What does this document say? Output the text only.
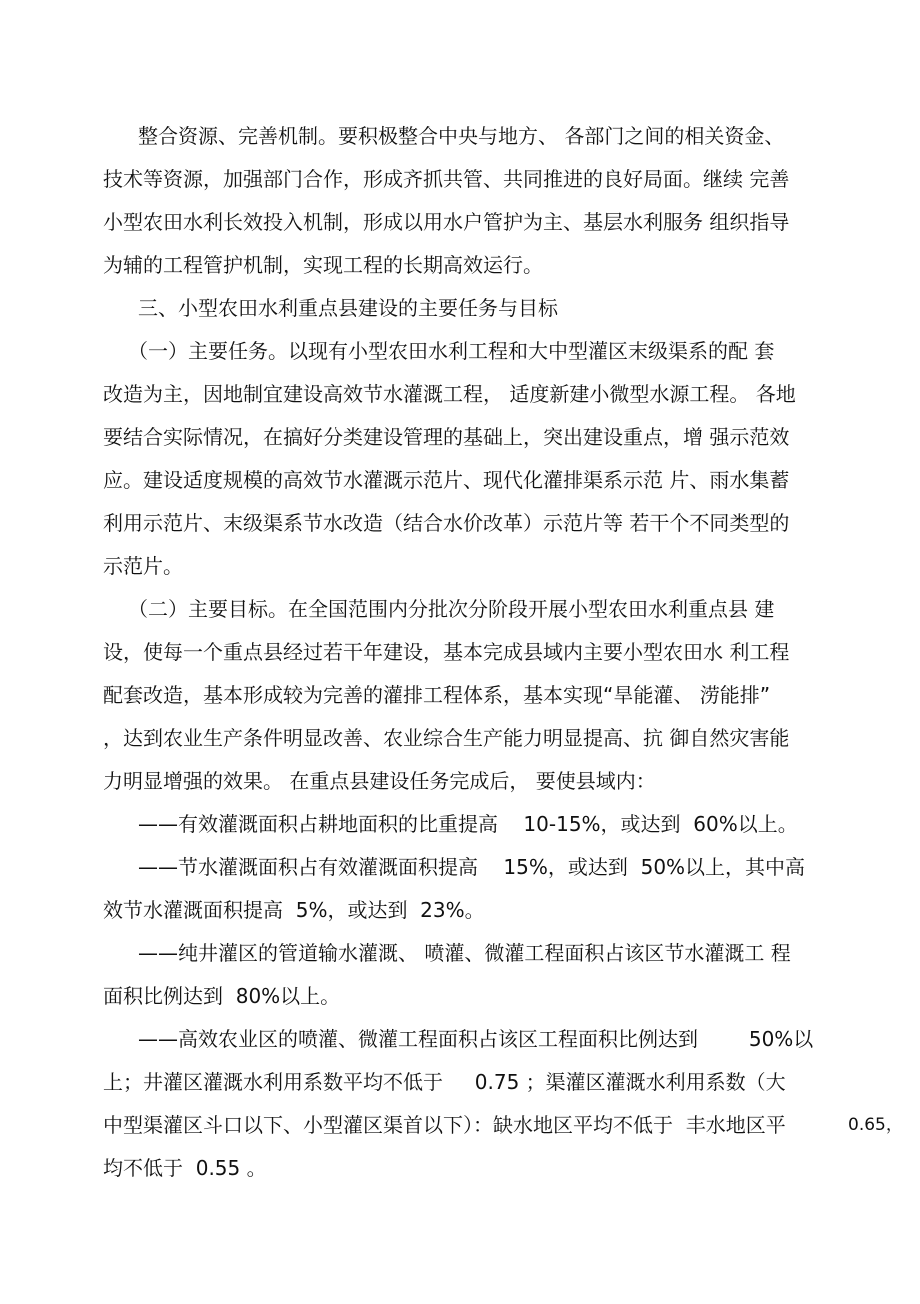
整合资源、完善机制。要积极整合中央与地方、 各部门之间的相关资金、
技术等资源，加强部门合作，形成齐抓共管、共同推进的良好局面。继续 完善
小型农田水利长效投入机制，形成以用水户管护为主、基层水利服务 组织指导
为辅的工程管护机制，实现工程的长期高效运行。
三、小型农田水利重点县建设的主要任务与目标
（一）主要任务。以现有小型农田水利工程和大中型灌区末级渠系的配 套
改造为主，因地制宜建设高效节水灌溉工程， 适度新建小微型水源工程。 各地
要结合实际情况，在搞好分类建设管理的基础上，突出建设重点，增 强示范效
应。建设适度规模的高效节水灌溉示范片、现代化灌排渠系示范 片、雨水集蓄
利用示范片、末级渠系节水改造（结合水价改革）示范片等 若干个不同类型的
示范片。
（二）主要目标。在全国范围内分批次分阶段开展小型农田水利重点县 建
设，使每一个重点县经过若干年建设，基本完成县域内主要小型农田水 利工程
配套改造，基本形成较为完善的灌排工程体系，基本实现“旱能灌、 涝能排”
，达到农业生产条件明显改善、农业综合生产能力明显提高、抗 御自然灾害能
力明显增强的效果。 在重点县建设任务完成后， 要使县域内：
——有效灌溉面积占耕地面积的比重提高    10-15%，或达到  60%以上。
——节水灌溉面积占有效灌溉面积提高    15%，或达到  50%以上，其中高
效节水灌溉面积提高  5%，或达到  23%。
——纯井灌区的管道输水灌溉、 喷灌、微灌工程面积占该区节水灌溉工 程
面积比例达到  80%以上。
——高效农业区的喷灌、微灌工程面积占该区工程面积比例达到        50%以
上；井灌区灌溉水利用系数平均不低于     0.75 ；渠灌区灌溉水利用系数（大
中型渠灌区斗口以下、小型灌区渠首以下）：缺水地区平均不低于  丰水地区平	0.65，
均不低于  0.55 。
